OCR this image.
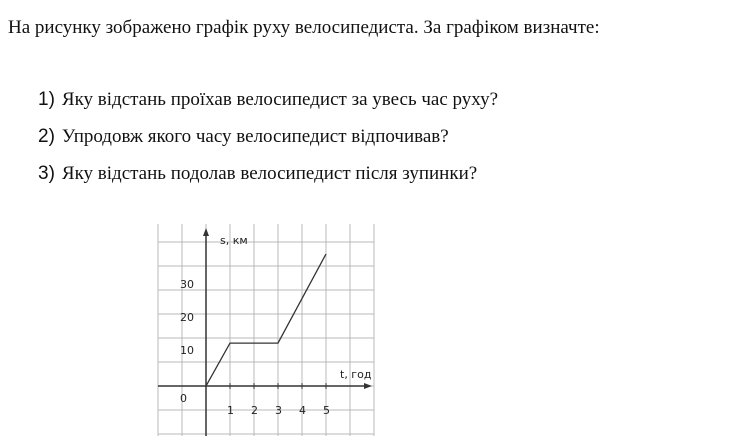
На рисунку зображено графік руху велосипедиста. За графіком визначте:

1) Яку відстань проїхав велосипедист за увесь час руху?
2) Упродовж якого часу велосипедист відпочивав?
3) Яку відстань подолав велосипедист після зупинки?
t, год
s, км
0
1 2 3 4 5
10
20
30
